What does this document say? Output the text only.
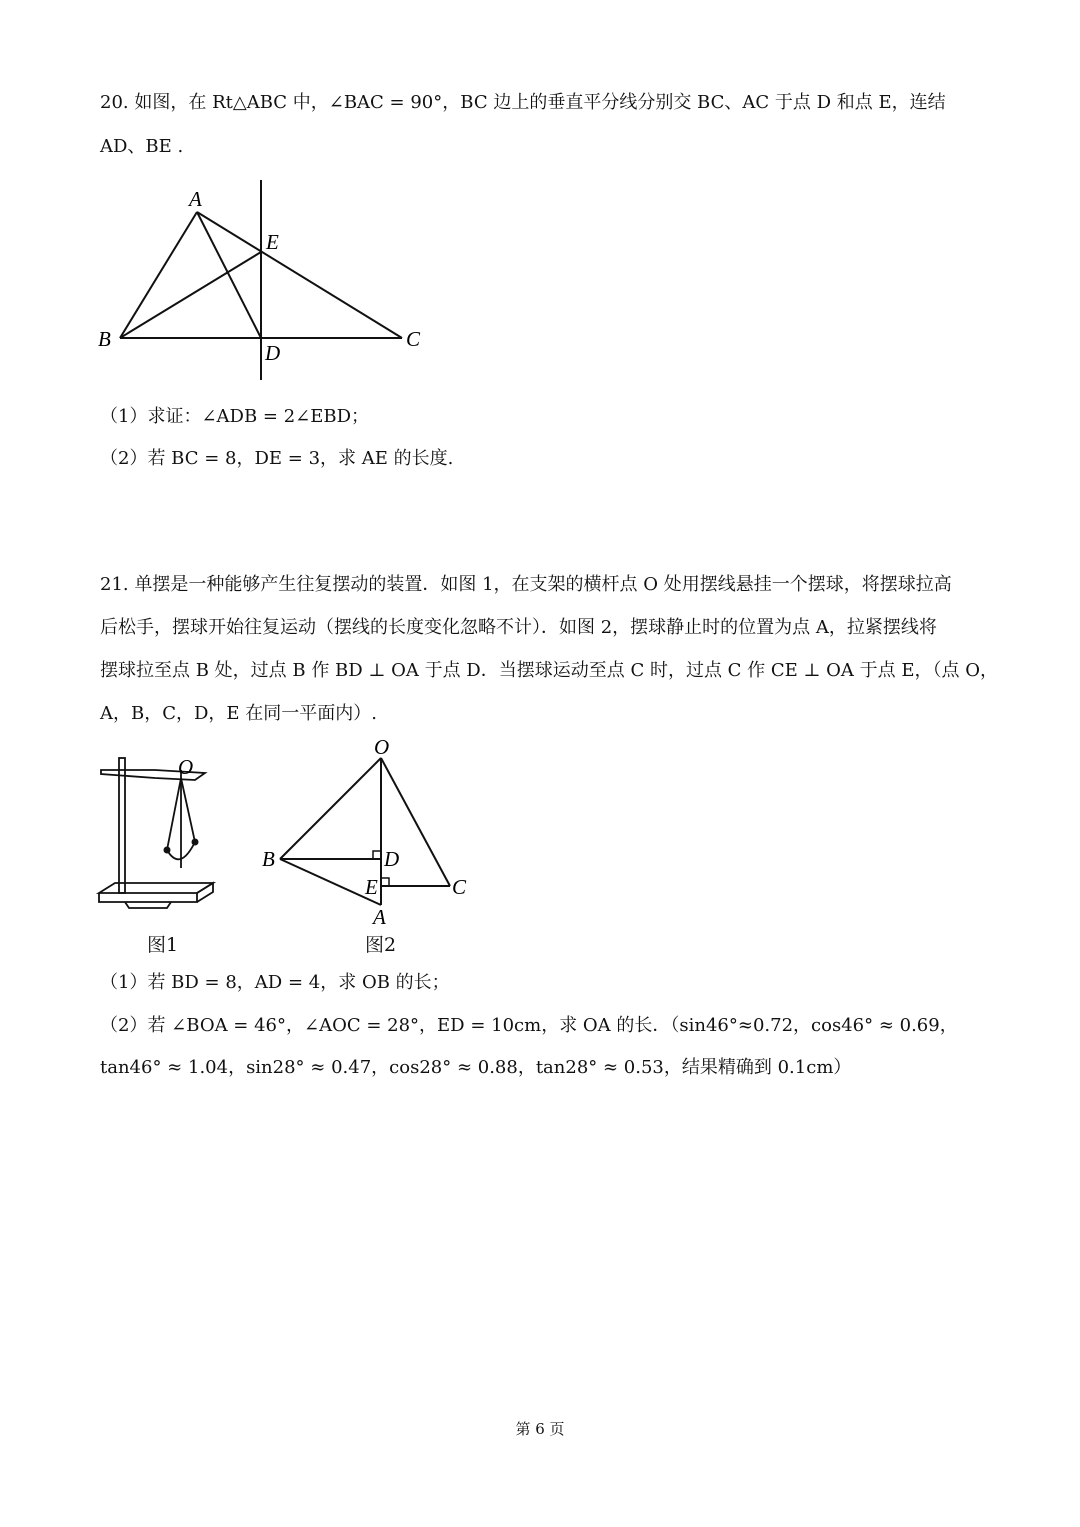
20. 如图，在 Rt△ABC 中，∠BAC = 90°，BC 边上的垂直平分线分别交 BC、AC 于点 D 和点 E，连结
AD、BE .
A
B	C
D
E
（1）求证：∠ADB = 2∠EBD；
（2）若 BC = 8，DE = 3，求 AE 的长度.
21. 单摆是一种能够产生往复摆动的装置．如图 1，在支架的横杆点 O 处用摆线悬挂一个摆球，将摆球拉高
后松手，摆球开始往复运动（摆线的长度变化忽略不计）．如图 2，摆球静止时的位置为点 A，拉紧摆线将
摆球拉至点 B 处，过点 B 作 BD ⊥ OA 于点 D．当摆球运动至点 C 时，过点 C 作 CE ⊥ OA 于点 E，（点 O，
A，B，C，D，E 在同一平面内）.
O
图1
O
B	D
E	C
A
图2
（1）若 BD = 8，AD = 4，求 OB 的长；
（2）若 ∠BOA = 46°，∠AOC = 28°，ED = 10cm，求 OA 的长．（sin46°≈0.72，cos46° ≈ 0.69，
tan46° ≈ 1.04，sin28° ≈ 0.47，cos28° ≈ 0.88，tan28° ≈ 0.53，结果精确到 0.1cm）
第 6 页
